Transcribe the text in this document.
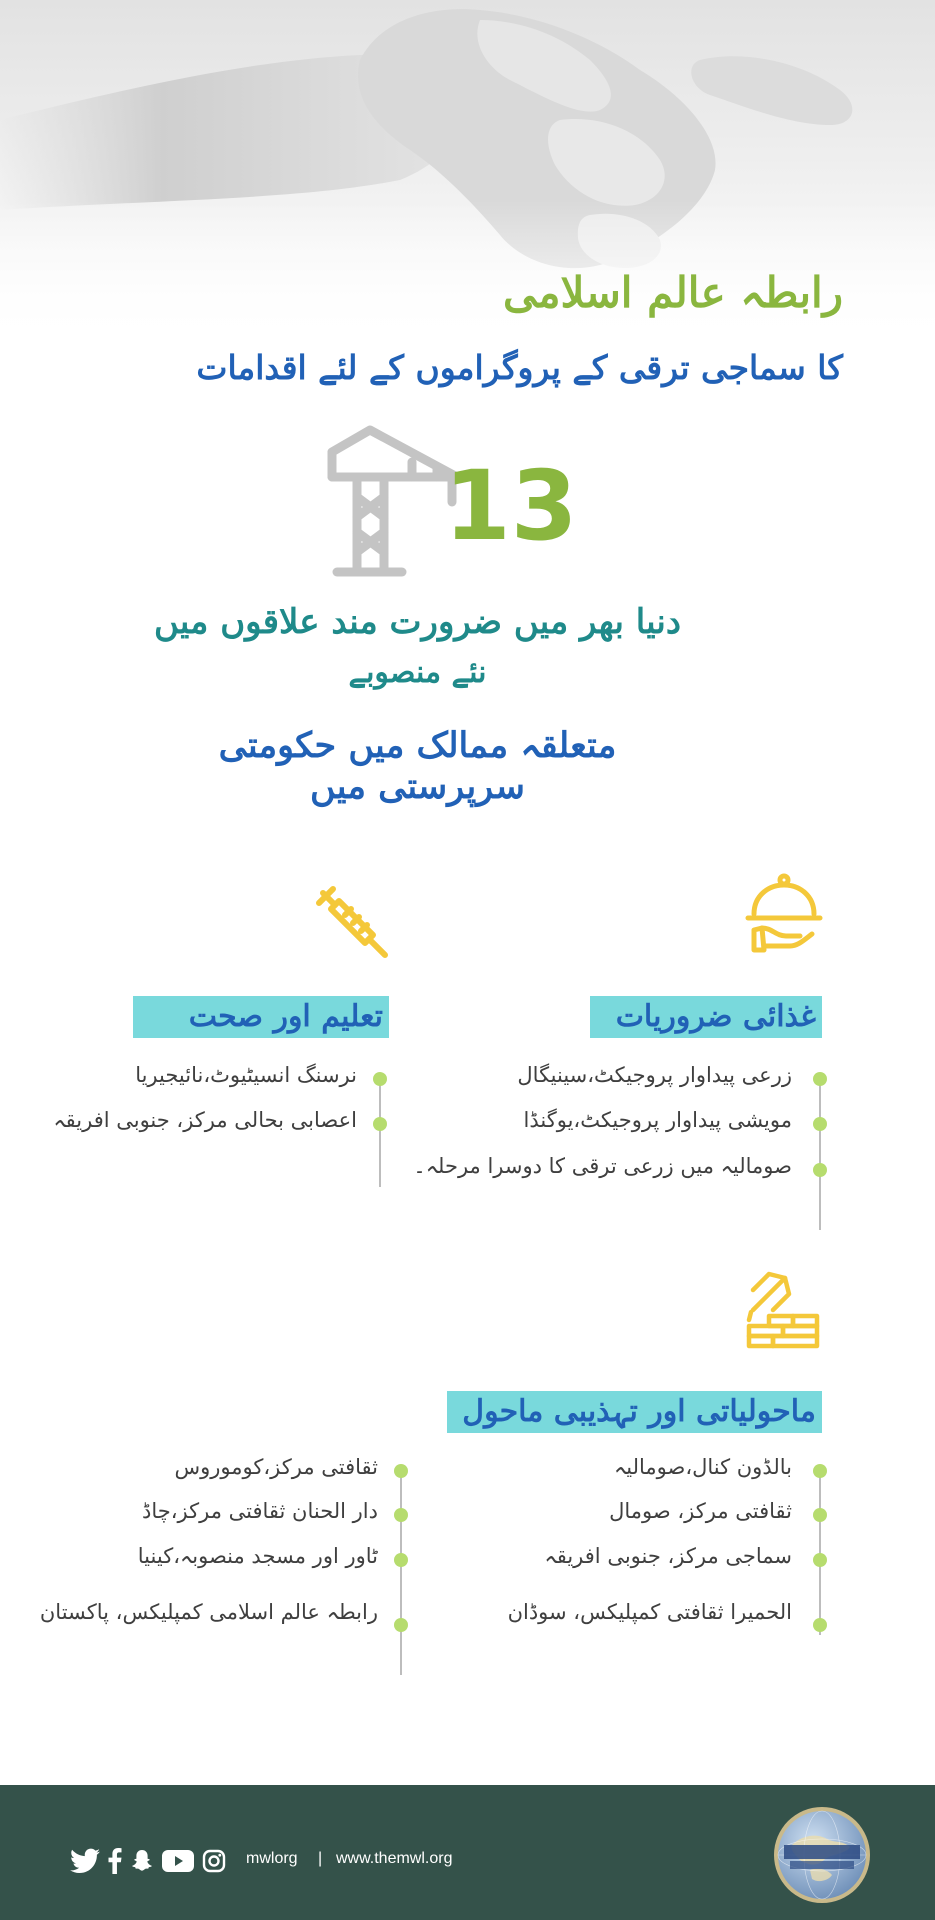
رابطہ عالم اسلامی
کا سماجی ترقی کے پروگراموں کے لئے اقدامات
13
دنیا بھر میں ضرورت مند علاقوں میں
نئے منصوبے
متعلقہ ممالک میں حکومتی سرپرستی میں
غذائی ضروریات
زرعی پیداوار پروجیکٹ،سینیگال
مویشی پیداوار پروجیکٹ،یوگنڈا
صومالیہ میں زرعی ترقی کا دوسرا مرحلہ۔
تعلیم اور صحت
نرسنگ انسیٹیوٹ،نائیجیریا
اعصابی بحالی مرکز، جنوبی افریقہ
ماحولیاتی اور تہذیبی ماحول
بالڈون کنال،صومالیہ
ثقافتی مرکز، صومال
سماجی مرکز، جنوبی افریقہ
الحمیرا ثقافتی کمپلیکس، سوڈان
ثقافتی مرکز،کوموروس
دار الحنان ثقافتی مرکز،چاڈ
ٹاور اور مسجد منصوبہ،کینیا
رابطہ عالم اسلامی کمپلیکس، پاکستان
mwlorg | www.themwl.org
